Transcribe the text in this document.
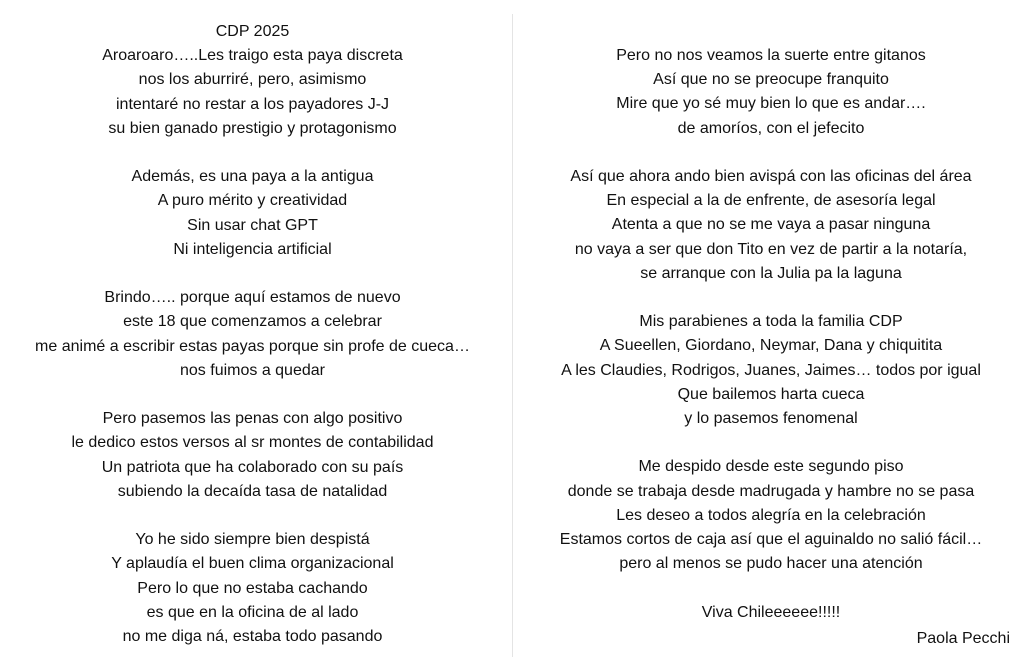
CDP 2025
Aroaroaro…..Les traigo esta paya discreta
nos los aburriré, pero, asimismo
intentaré no restar a los payadores J-J
su bien ganado prestigio y protagonismo
Además, es una paya a la antigua
A puro mérito y creatividad
Sin usar chat GPT
Ni inteligencia artificial
Brindo….. porque aquí estamos de nuevo
este 18 que comenzamos a celebrar
me animé a escribir estas payas porque sin profe de cueca…
nos fuimos a quedar
Pero pasemos las penas con algo positivo
le dedico estos versos al sr montes de contabilidad
Un patriota que ha colaborado con su país
subiendo la decaída tasa de natalidad
Yo he sido siempre bien despistá
Y aplaudía el buen clima organizacional
Pero lo que no estaba cachando
es que en la oficina de al lado
no me diga ná, estaba todo pasando
Pero no nos veamos la suerte entre gitanos
Así que no se preocupe franquito
Mire que yo sé muy bien lo que es andar….
de amoríos, con el jefecito
Así que ahora ando bien avispá con las oficinas del área
En especial a la de enfrente, de asesoría legal
Atenta a que no se me vaya a pasar ninguna
no vaya a ser que don Tito en vez de partir a la notaría,
se arranque con la Julia pa la laguna
Mis parabienes a toda la familia CDP
A Sueellen, Giordano, Neymar, Dana y chiquitita
A les Claudies, Rodrigos, Juanes, Jaimes… todos por igual
Que bailemos harta cueca
y lo pasemos fenomenal
Me despido desde este segundo piso
donde se trabaja desde madrugada y hambre no se pasa
Les deseo a todos alegría en la celebración
Estamos cortos de caja así que el aguinaldo no salió fácil…
pero al menos se pudo hacer una atención
Viva Chileeeeee!!!!!
Paola Pecchi
